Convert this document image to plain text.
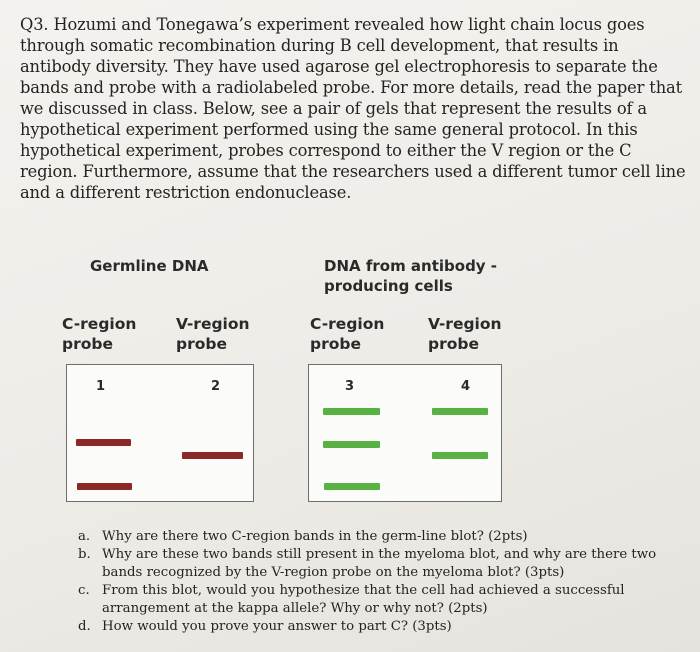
Q3. Hozumi and Tonegawa’s experiment revealed how light chain locus goes through somatic recombination during B cell development, that results in antibody diversity. They have used agarose gel electrophoresis to separate the bands and probe with a radiolabeled probe. For more details, read the paper that we discussed in class. Below, see a pair of gels that represent the results of a hypothetical experiment performed using the same general protocol. In this hypothetical experiment, probes correspond to either the V region or the C region. Furthermore, assume that the researchers used a different tumor cell line and a different restriction endonuclease.

Germline DNA	DNA from antibody -
producing cells
C-region
probe
V-region
probe
C-region
probe
V-region
probe
1	2	3	4
a. Why are there two C-region bands in the germ-line blot? (2pts)
b. Why are these two bands still present in the myeloma blot, and why are there two bands recognized by the V-region probe on the myeloma blot? (3pts)
c. From this blot, would you hypothesize that the cell had achieved a successful arrangement at the kappa allele? Why or why not? (2pts)
d. How would you prove your answer to part C? (3pts)
